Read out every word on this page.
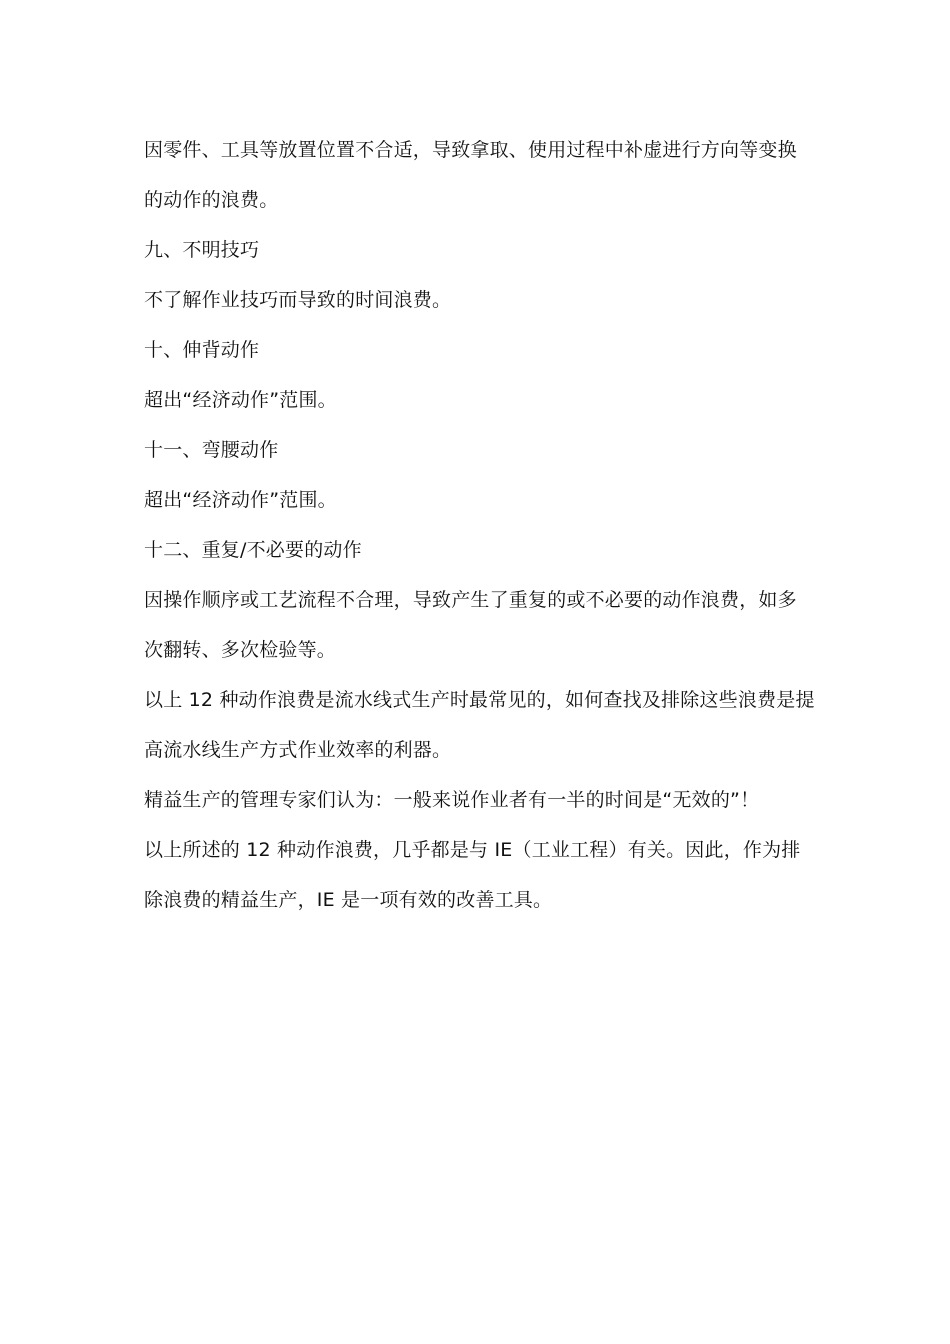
因零件、工具等放置位置不合适，导致拿取、使用过程中补虚进行方向等变换
的动作的浪费。
九、不明技巧
不了解作业技巧而导致的时间浪费。
十、伸背动作
超出“经济动作”范围。
十一、弯腰动作
超出“经济动作”范围。
十二、重复/不必要的动作
因操作顺序或工艺流程不合理，导致产生了重复的或不必要的动作浪费，如多
次翻转、多次检验等。
以上 12 种动作浪费是流水线式生产时最常见的，如何查找及排除这些浪费是提
高流水线生产方式作业效率的利器。
精益生产的管理专家们认为：一般来说作业者有一半的时间是“无效的”！
以上所述的 12 种动作浪费，几乎都是与 IE（工业工程）有关。因此，作为排
除浪费的精益生产，IE 是一项有效的改善工具。
